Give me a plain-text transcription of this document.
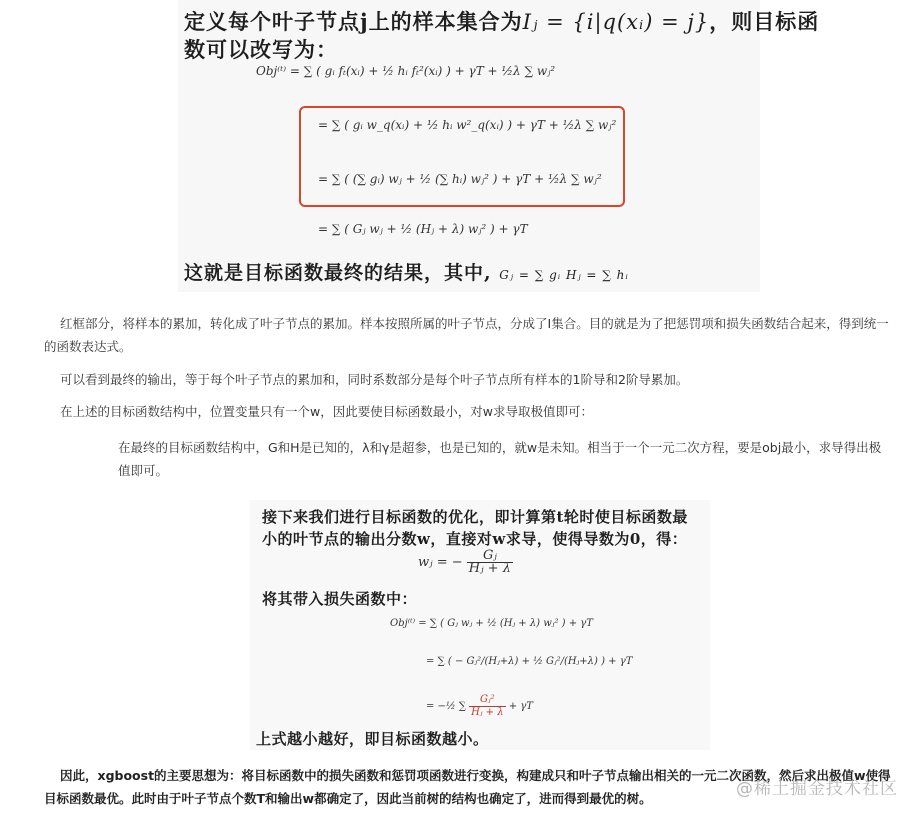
定义每个叶子节点j上的样本集合为Iⱼ = {i|q(xᵢ) = j}，则目标函
数可以改写为：
Obj⁽ᵗ⁾ = ∑ ( gᵢ fₜ(xᵢ) + ½ hᵢ fₜ²(xᵢ) ) + γT + ½λ ∑ wⱼ²
= ∑ ( gᵢ w_q(xᵢ) + ½ hᵢ w²_q(xᵢ) ) + γT + ½λ ∑ wⱼ²
= ∑ ( (∑ gᵢ) wⱼ + ½ (∑ hᵢ) wⱼ² ) + γT + ½λ ∑ wⱼ²
= ∑ ( Gⱼ wⱼ + ½ (Hⱼ + λ) wⱼ² ) + γT
这就是目标函数最终的结果，其中, Gⱼ = ∑ gᵢ Hⱼ = ∑ hᵢ

红框部分，将样本的累加，转化成了叶子节点的累加。样本按照所属的叶子节点，分成了I集合。目的就是为了把惩罚项和损失函数结合起来，得到统一的函数表达式。

可以看到最终的输出，等于每个叶子节点的累加和，同时系数部分是每个叶子节点所有样本的1阶导和2阶导累加。

在上述的目标函数结构中，位置变量只有一个w，因此要使目标函数最小，对w求导取极值即可：

在最终的目标函数结构中，G和H是已知的，λ和γ是超参，也是已知的，就w是未知。相当于一个一元二次方程，要是obj最小，求导得出极值即可。
接下来我们进行目标函数的优化，即计算第t轮时使目标函数最
小的叶节点的输出分数w，直接对w求导，使得导数为0，得：
wⱼ = − $\frac{\text{Gⱼ}}{\text{Hⱼ + λ}}$
将其带入损失函数中：
Obj⁽ᵗ⁾ = ∑ ( Gⱼ wⱼ + ½ (Hⱼ + λ) wⱼ² ) + γT
= ∑ ( − Gⱼ²/(Hⱼ+λ) + ½ Gⱼ²/(Hⱼ+λ) ) + γT
= −½ ∑ $\frac{\text{Gⱼ²}}{\text{Hⱼ + λ}} + \gamma T$
上式越小越好，即目标函数越小。

因此，xgboost的主要思想为：将目标函数中的损失函数和惩罚项函数进行变换，构建成只和叶子节点输出相关的一元二次函数，然后求出极值w使得目标函数最优。此时由于叶子节点个数T和输出w都确定了，因此当前树的结构也确定了，进而得到最优的树。	@稀土掘金技术社区
